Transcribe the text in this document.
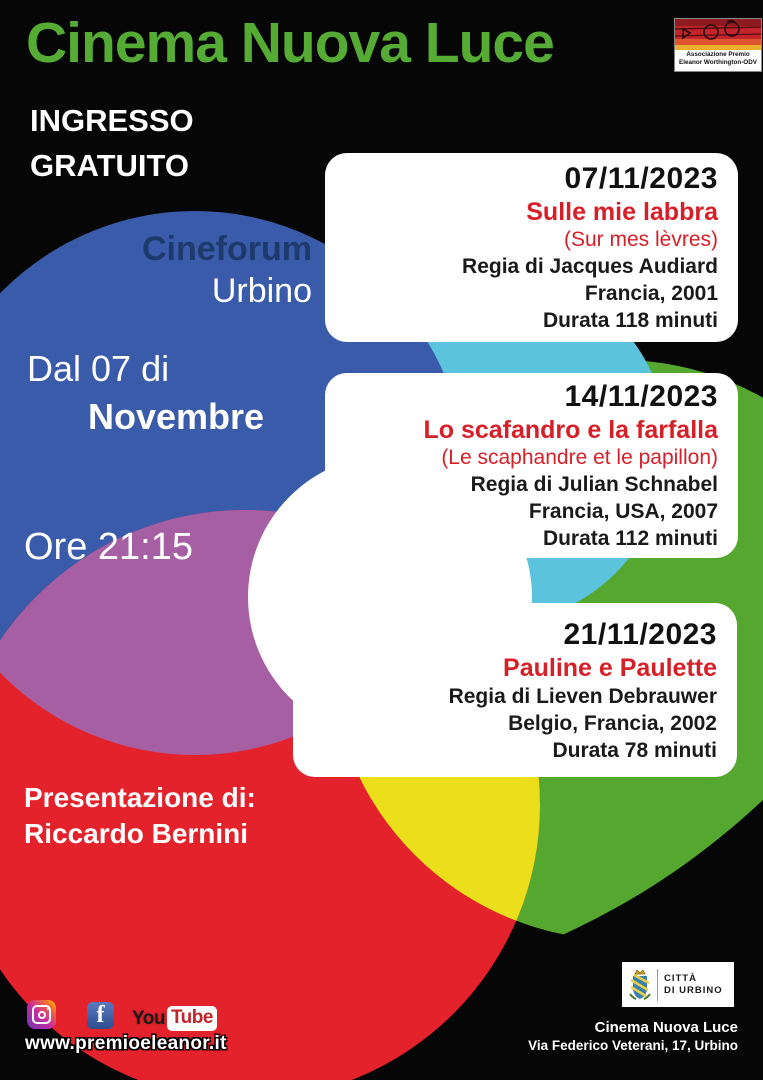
Cinema Nuova Luce	Associazione Premio
Eleanor Worthington-ODV
INGRESSO
GRATUITO
Cineforum
Urbino
Dal 07 di
Novembre
Ore 21:15
Presentazione di:
Riccardo Bernini
07/11/2023
Sulle mie labbra
(Sur mes lèvres)
Regia di Jacques Audiard
Francia, 2001
Durata 118 minuti
14/11/2023
Lo scafandro e la farfalla
(Le scaphandre et le papillon)
Regia di Julian Schnabel
Francia, USA, 2007
Durata 112 minuti
21/11/2023
Pauline e Paulette
Regia di Lieven Debrauwer
Belgio, Francia, 2002
Durata 78 minuti
f You Tube
www.premioeleanor.it
CITTÀ
DI URBINO
Cinema Nuova Luce
Via Federico Veterani, 17, Urbino
